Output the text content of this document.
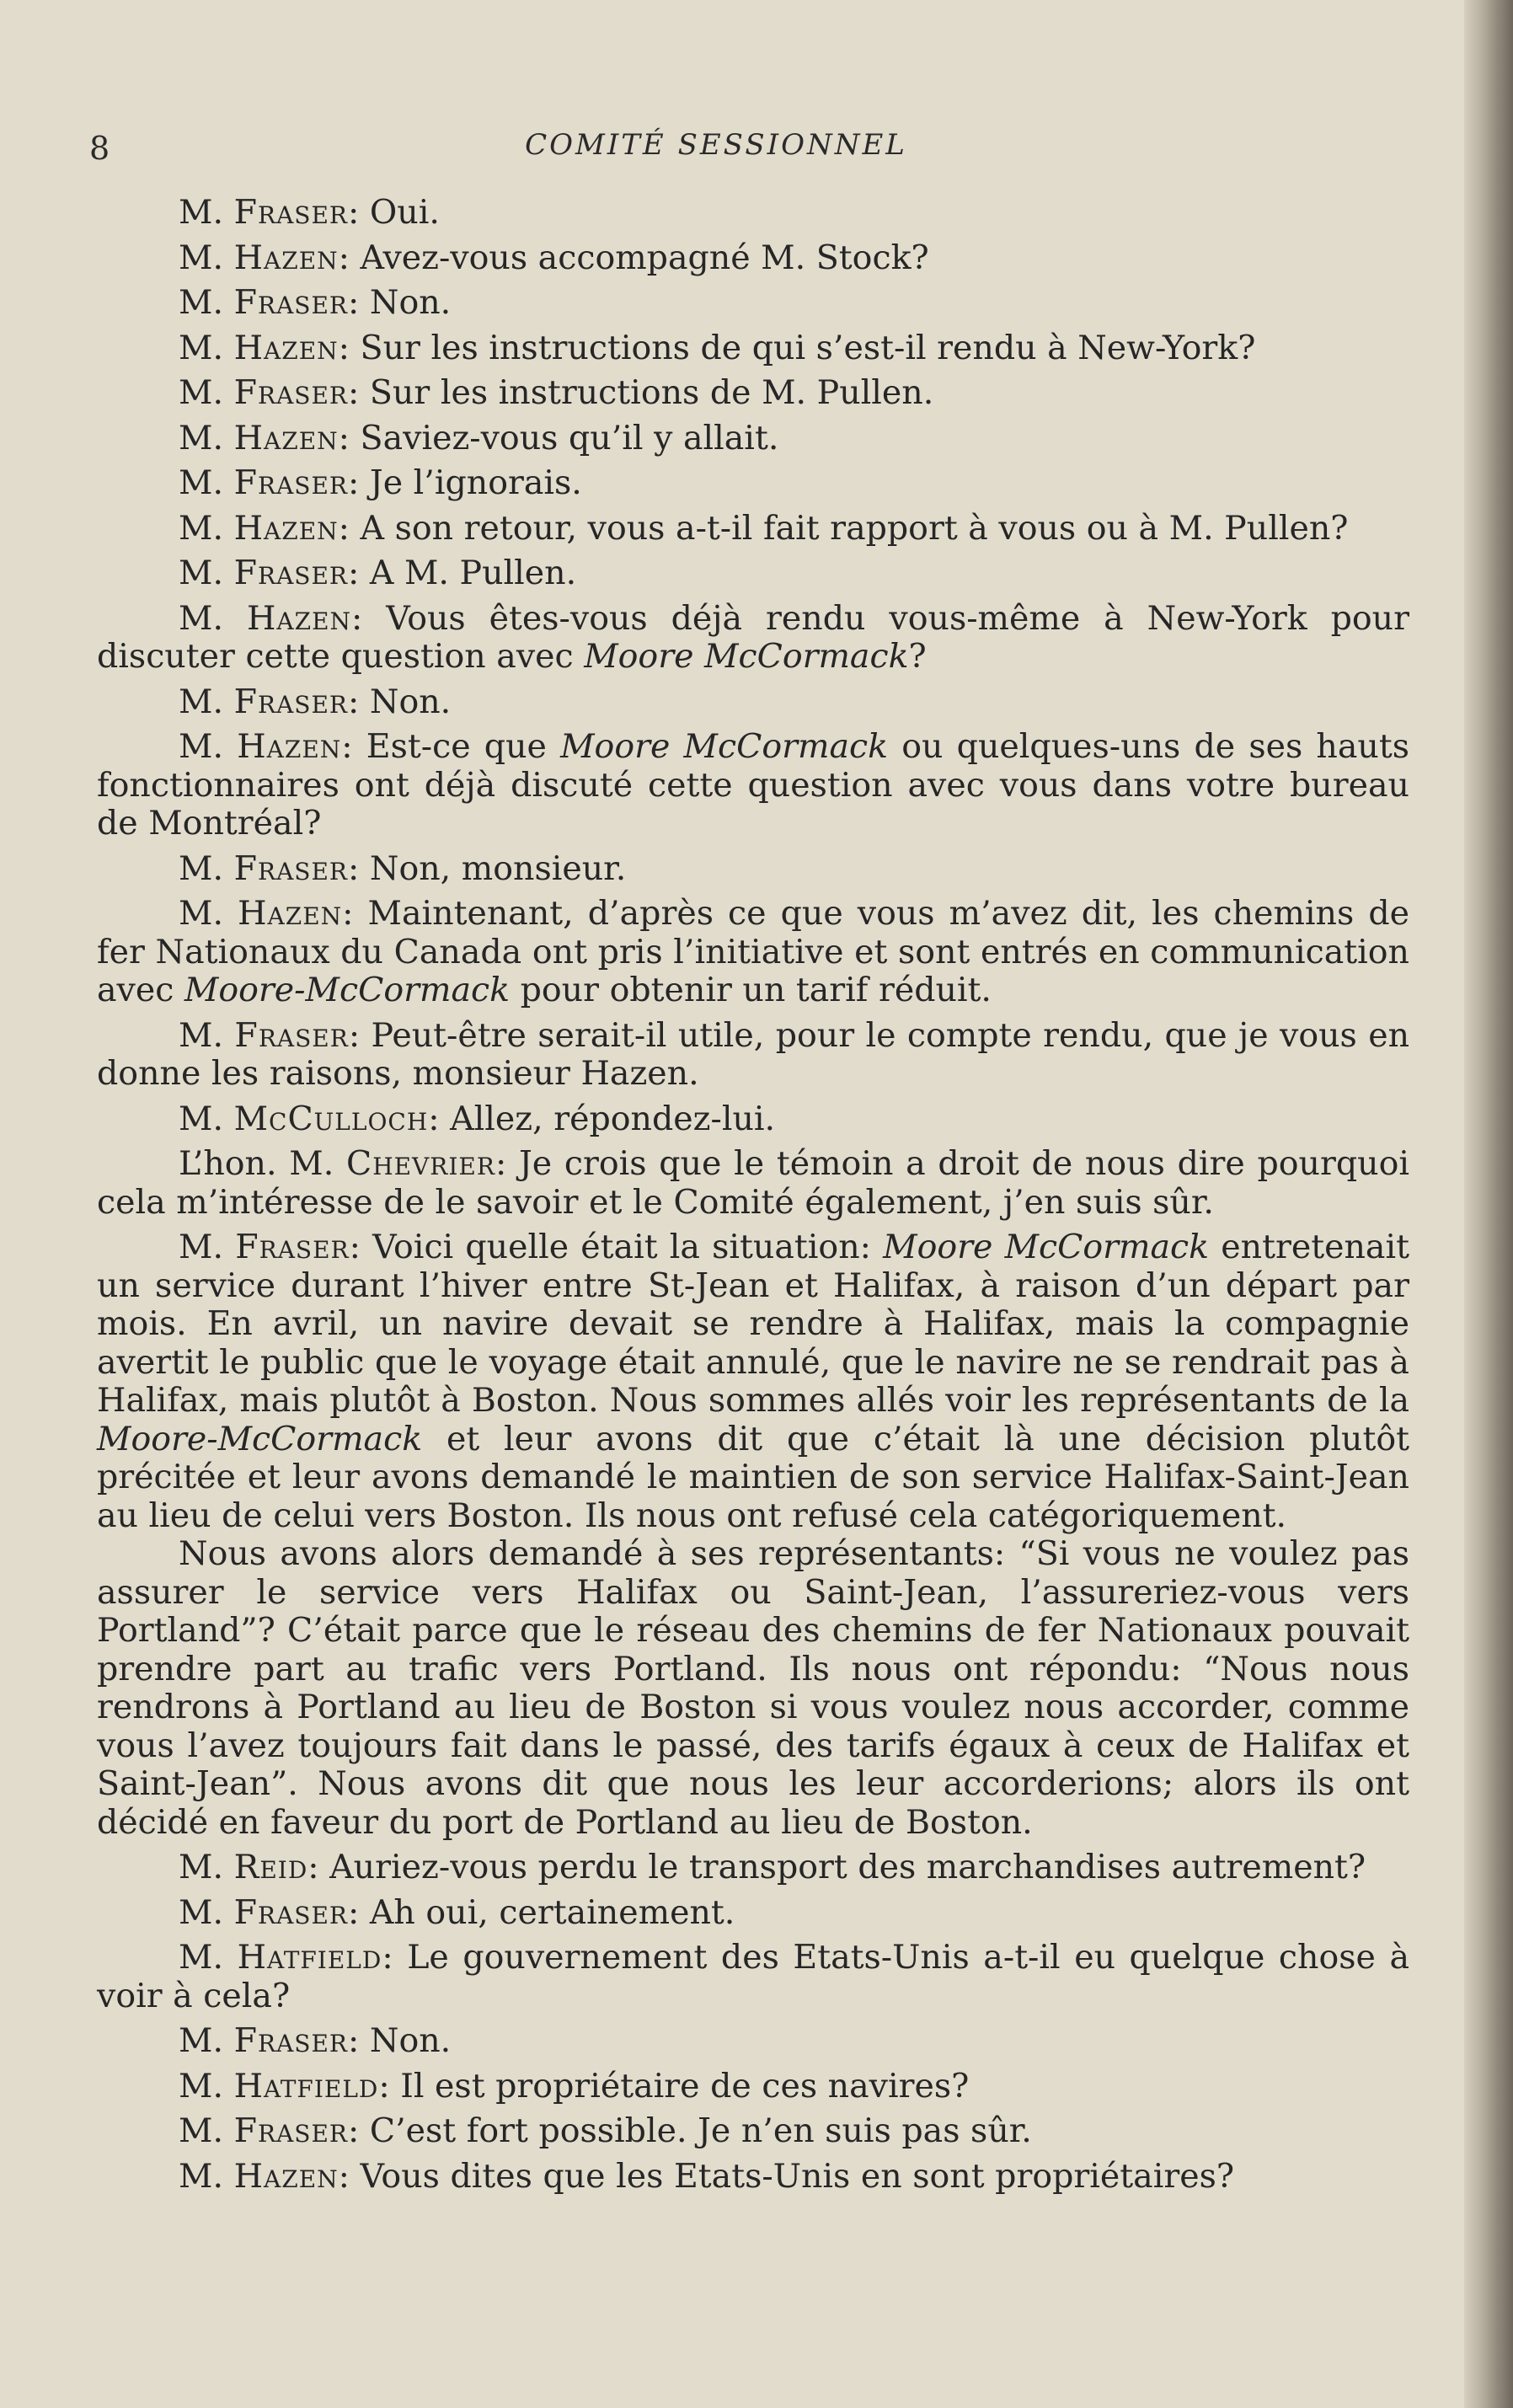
8	COMITÉ SESSIONNEL

M. Fraser: Oui.

M. Hazen: Avez-vous accompagné M. Stock?

M. Fraser: Non.

M. Hazen: Sur les instructions de qui s’est-il rendu à New-York?

M. Fraser: Sur les instructions de M. Pullen.

M. Hazen: Saviez-vous qu’il y allait.

M. Fraser: Je l’ignorais.

M. Hazen: A son retour, vous a-t-il fait rapport à vous ou à M. Pullen?

M. Fraser: A M. Pullen.

M. Hazen: Vous êtes-vous déjà rendu vous-même à New-York pour discuter cette question avec Moore McCormack?

M. Fraser: Non.

M. Hazen: Est-ce que Moore McCormack ou quelques-uns de ses hauts fonctionnaires ont déjà discuté cette question avec vous dans votre bureau de Montréal?

M. Fraser: Non, monsieur.

M. Hazen: Maintenant, d’après ce que vous m’avez dit, les chemins de fer Nationaux du Canada ont pris l’initiative et sont entrés en communication avec Moore-McCormack pour obtenir un tarif réduit.

M. Fraser: Peut-être serait-il utile, pour le compte rendu, que je vous en donne les raisons, monsieur Hazen.

M. McCulloch: Allez, répondez-lui.

L’hon. M. Chevrier: Je crois que le témoin a droit de nous dire pourquoi cela m’intéresse de le savoir et le Comité également, j’en suis sûr.

M. Fraser: Voici quelle était la situation: Moore McCormack entretenait un service durant l’hiver entre St-Jean et Halifax, à raison d’un départ par mois. En avril, un navire devait se rendre à Halifax, mais la compagnie avertit le public que le voyage était annulé, que le navire ne se rendrait pas à Halifax, mais plutôt à Boston. Nous sommes allés voir les représentants de la Moore-McCormack et leur avons dit que c’était là une décision plutôt précitée et leur avons demandé le maintien de son service Halifax-Saint-Jean au lieu de celui vers Boston. Ils nous ont refusé cela catégoriquement.

Nous avons alors demandé à ses représentants: “Si vous ne voulez pas assurer le service vers Halifax ou Saint-Jean, l’assureriez-vous vers Portland”? C’était parce que le réseau des chemins de fer Nationaux pouvait prendre part au trafic vers Portland. Ils nous ont répondu: “Nous nous rendrons à Portland au lieu de Boston si vous voulez nous accorder, comme vous l’avez toujours fait dans le passé, des tarifs égaux à ceux de Halifax et Saint-Jean”. Nous avons dit que nous les leur accorderions; alors ils ont décidé en faveur du port de Portland au lieu de Boston.

M. Reid: Auriez-vous perdu le transport des marchandises autrement?

M. Fraser: Ah oui, certainement.

M. Hatfield: Le gouvernement des Etats-Unis a-t-il eu quelque chose à voir à cela?

M. Fraser: Non.

M. Hatfield: Il est propriétaire de ces navires?

M. Fraser: C’est fort possible. Je n’en suis pas sûr.

M. Hazen: Vous dites que les Etats-Unis en sont propriétaires?
